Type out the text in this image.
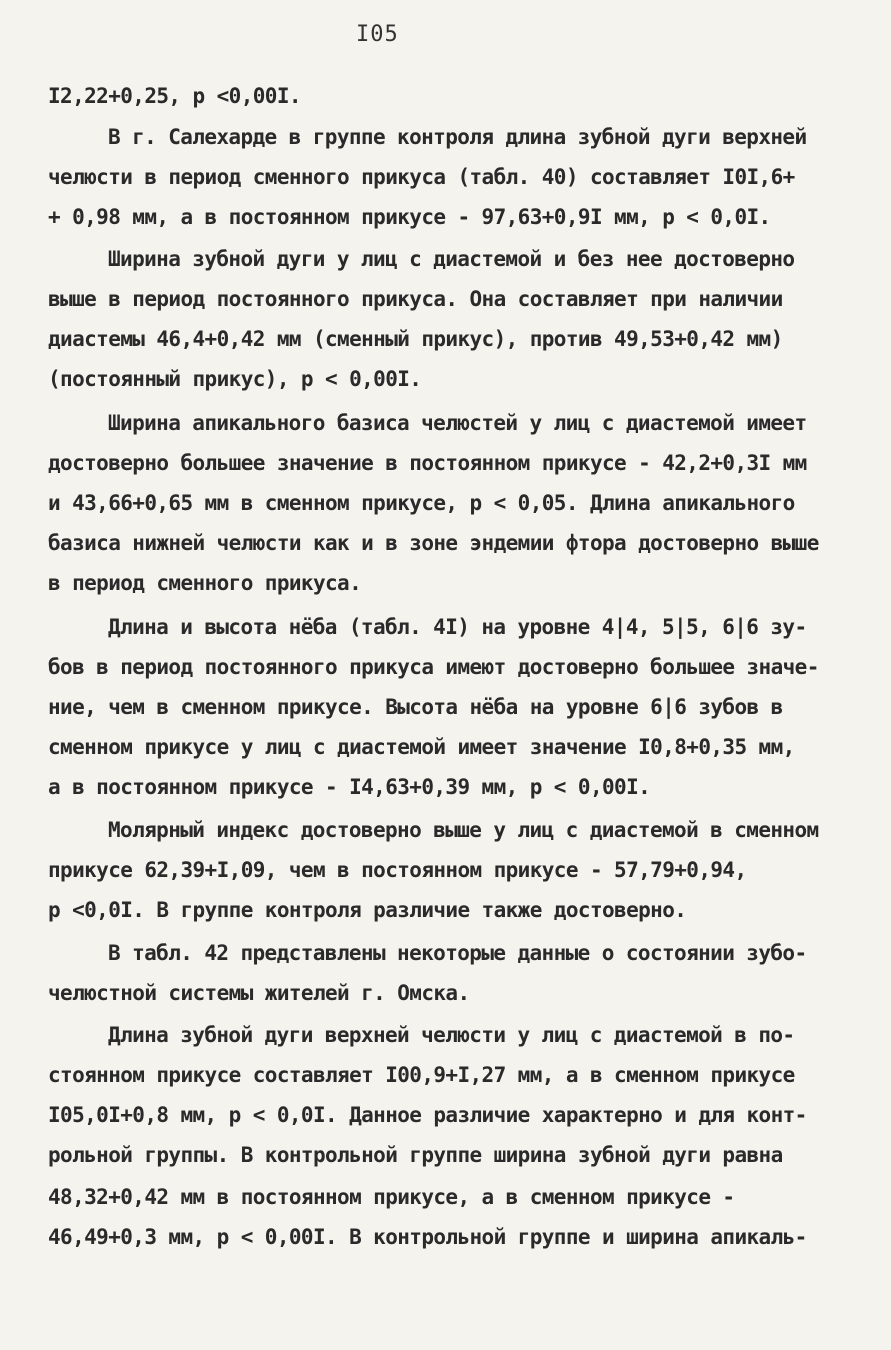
I05
I2,22+0,25, p <0,00I.
В г. Салехарде в группе контроля длина зубной дуги верхней
челюсти в период сменного прикуса (табл. 40) составляет I0I,6+
+ 0,98 мм, а в постоянном прикусе - 97,63+0,9I мм, p < 0,0I.
Ширина зубной дуги у лиц с диастемой и без нее достоверно
выше в период постоянного прикуса. Она составляет при наличии
диастемы 46,4+0,42 мм (сменный прикус), против 49,53+0,42 мм)
(постоянный прикус), p < 0,00I.
Ширина апикального базиса челюстей у лиц с диастемой имеет
достоверно большее значение в постоянном прикусе - 42,2+0,3I мм
и 43,66+0,65 мм в сменном прикусе, p < 0,05. Длина апикального
базиса нижней челюсти как и в зоне эндемии фтора достоверно выше
в период сменного прикуса.
Длина и высота нёба (табл. 4I) на уровне 4|4, 5|5, 6|6 зу-
бов в период постоянного прикуса имеют достоверно большее значе-
ние, чем в сменном прикусе. Высота нёба на уровне 6|6 зубов в
сменном прикусе у лиц с диастемой имеет значение I0,8+0,35 мм,
а в постоянном прикусе - I4,63+0,39 мм, p < 0,00I.
Молярный индекс достоверно выше у лиц с диастемой в сменном
прикусе 62,39+I,09, чем в постоянном прикусе - 57,79+0,94,
p <0,0I. В группе контроля различие также достоверно.
В табл. 42 представлены некоторые данные о состоянии зубо-
челюстной системы жителей г. Омска.
Длина зубной дуги верхней челюсти у лиц с диастемой в по-
стоянном прикусе составляет I00,9+I,27 мм, а в сменном прикусе
I05,0I+0,8 мм, p < 0,0I. Данное различие характерно и для конт-
рольной группы. В контрольной группе ширина зубной дуги равна
48,32+0,42 мм в постоянном прикусе, а в сменном прикусе -
46,49+0,3 мм, p < 0,00I. В контрольной группе и ширина апикаль-
